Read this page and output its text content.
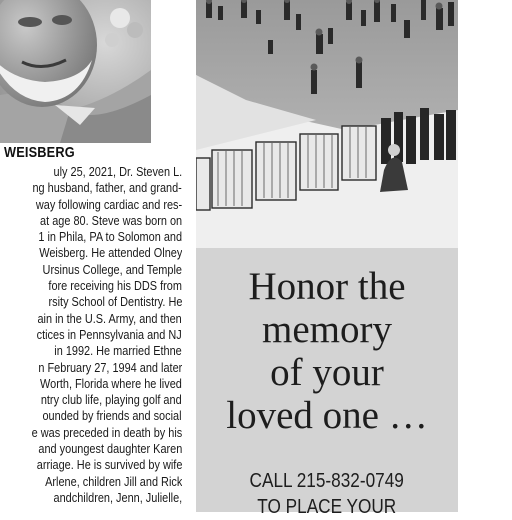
WEISBERG
uly 25, 2021, Dr. Steven L.
ng husband, father, and grand-
way following cardiac and res-
at age 80. Steve was born on
1 in Phila, PA to Solomon and
Weisberg. He attended Olney
Ursinus College, and Temple
fore receiving his DDS from
rsity School of Dentistry. He
ain in the U.S. Army, and then
ctices in Pennsylvania and NJ
in 1992. He married Ethne
n February 27, 1994 and later
Worth, Florida where he lived
ntry club life, playing golf and
ounded by friends and social
e was preceded in death by his
and youngest daughter Karen
arriage. He is survived by wife
Arlene, children Jill and Rick
andchildren, Jenn, Julielle,
Honor the
memory
of your
loved one …
CALL 215-832-0749
TO PLACE YOUR
